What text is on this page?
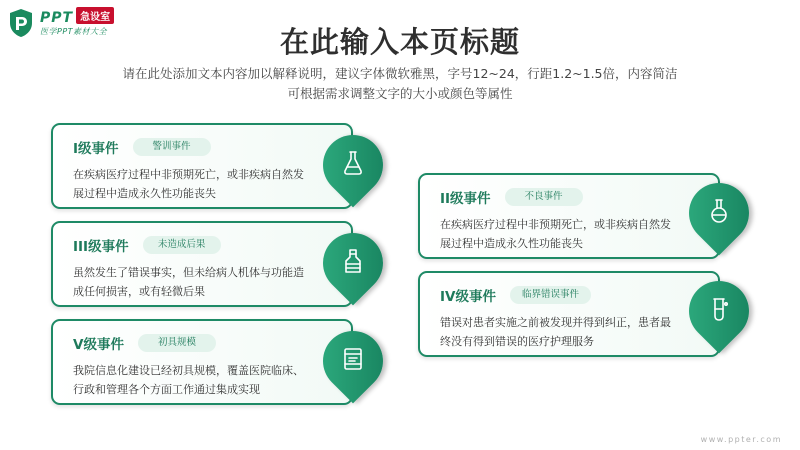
PPT 急设室
医学PPT素材大全	在此输入本页标题
请在此处添加文本内容加以解释说明，建议字体微软雅黑，字号12~24，行距1.2~1.5倍，内容简洁
可根据需求调整文字的大小或颜色等属性
I级事件	警训事件
在疾病医疗过程中非预期死亡，或非疾病自然发展过程中造成永久性功能丧失
III级事件	未造成后果
虽然发生了错误事实，但未给病人机体与功能造成任何损害，或有轻微后果
V级事件	初具规模
我院信息化建设已经初具规模，覆盖医院临床、行政和管理各个方面工作通过集成实现
II级事件	不良事件
在疾病医疗过程中非预期死亡，或非疾病自然发展过程中造成永久性功能丧失
IV级事件	临界错误事件
错误对患者实施之前被发现并得到纠正，患者最终没有得到错误的医疗护理服务
www.ppter.com
